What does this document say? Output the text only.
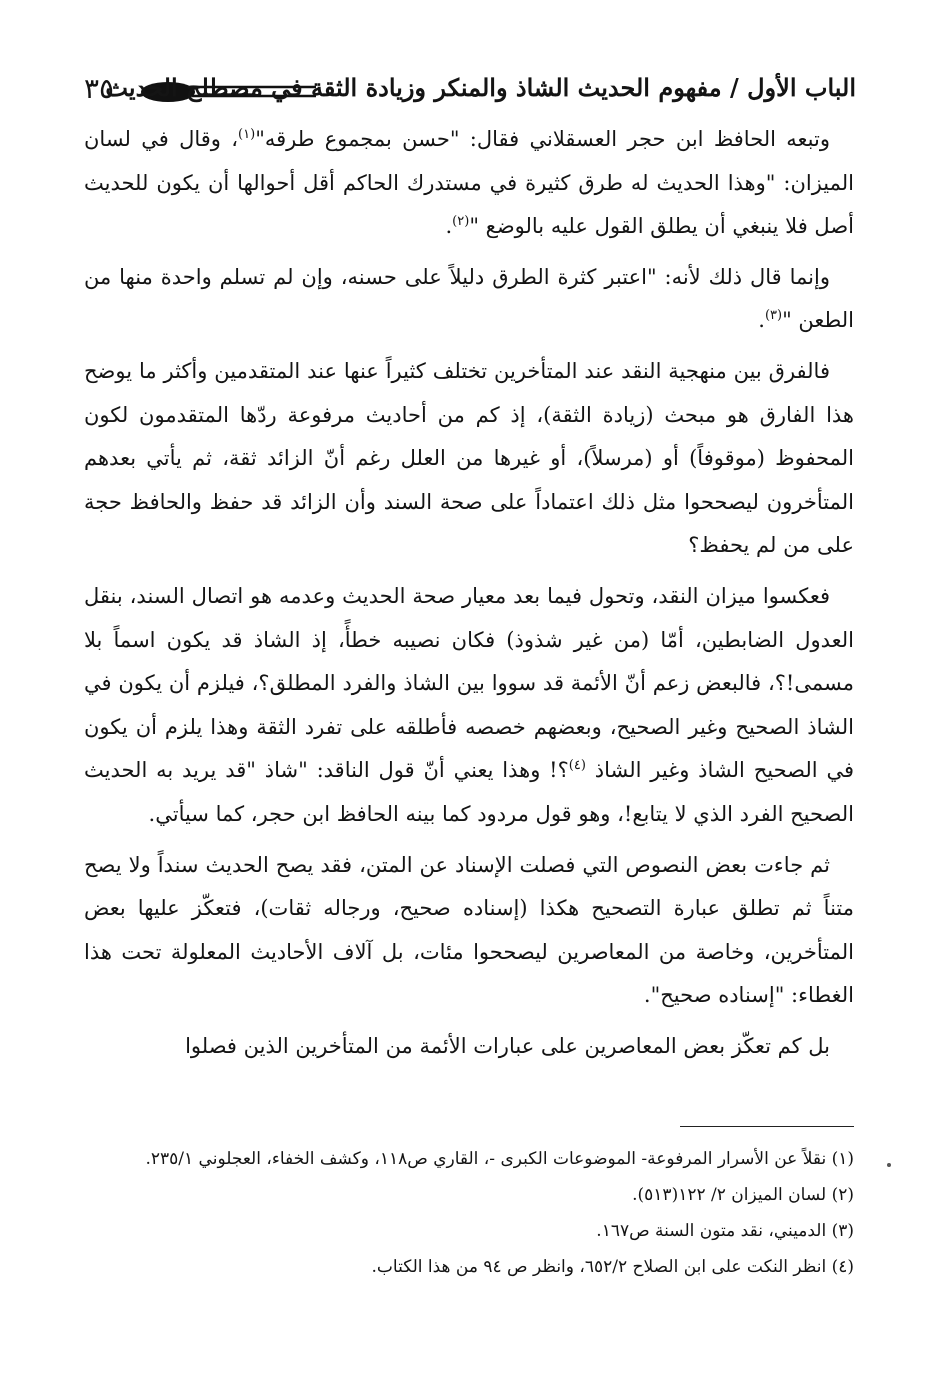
٣٥
الباب الأول / مفهوم الحديث الشاذ والمنكر وزيادة الثقة في مصطلح الحديث

وتبعه الحافظ ابن حجر العسقلاني فقال: "حسن بمجموع طرقه"$^{(١)}$، وقال في لسان الميزان: "وهذا الحديث له طرق كثيرة في مستدرك الحاكم أقل أحوالها أن يكون للحديث أصل فلا ينبغي أن يطلق القول عليه بالوضع "$^{(٢)}$.

وإنما قال ذلك لأنه: "اعتبر كثرة الطرق دليلاً على حسنه، وإن لم تسلم واحدة منها من الطعن "$^{(٣)}$.

فالفرق بين منهجية النقد عند المتأخرين تختلف كثيراً عنها عند المتقدمين وأكثر ما يوضح هذا الفارق هو مبحث (زيادة الثقة)، إذ كم من أحاديث مرفوعة ردّها المتقدمون لكون المحفوظ (موقوفاً) أو (مرسلاً)، أو غيرها من العلل رغم أنّ الزائد ثقة، ثم يأتي بعدهم المتأخرون ليصححوا مثل ذلك اعتماداً على صحة السند وأن الزائد قد حفظ والحافظ حجة على من لم يحفظ؟

فعكسوا ميزان النقد، وتحول فيما بعد معيار صحة الحديث وعدمه هو اتصال السند، بنقل العدول الضابطين، أمّا (من غير شذوذ) فكان نصيبه خطأً، إذ الشاذ قد يكون اسماً بلا مسمى!؟، فالبعض زعم أنّ الأئمة قد سووا بين الشاذ والفرد المطلق؟، فيلزم أن يكون في الشاذ الصحيح وغير الصحيح، وبعضهم خصصه فأطلقه على تفرد الثقة وهذا يلزم أن يكون في الصحيح الشاذ وغير الشاذ $^{(٤)}$؟! وهذا يعني أنّ قول الناقد: "شاذ "قد يريد به الحديث الصحيح الفرد الذي لا يتابع!، وهو قول مردود كما بينه الحافظ ابن حجر، كما سيأتي.

ثم جاءت بعض النصوص التي فصلت الإسناد عن المتن، فقد يصح الحديث سنداً ولا يصح متناً ثم تطلق عبارة التصحيح هكذا (إسناده صحيح، ورجاله ثقات)، فتعكّز عليها بعض المتأخرين، وخاصة من المعاصرين ليصححوا مئات، بل آلاف الأحاديث المعلولة تحت هذا الغطاء: "إسناده صحيح".

بل كم تعكّز بعض المعاصرين على عبارات الأئمة من المتأخرين الذين فصلوا

(١) نقلاً عن الأسرار المرفوعة- الموضوعات الكبرى -، القاري ص١١٨، وكشف الخفاء، العجلوني ٢٣٥/١.

(٢) لسان الميزان ٢/ ١٢٢(٥١٣).

(٣) الدميني، نقد متون السنة ص١٦٧.

(٤) انظر النكت على ابن الصلاح ٦٥٢/٢، وانظر ص ٩٤ من هذا الكتاب.
